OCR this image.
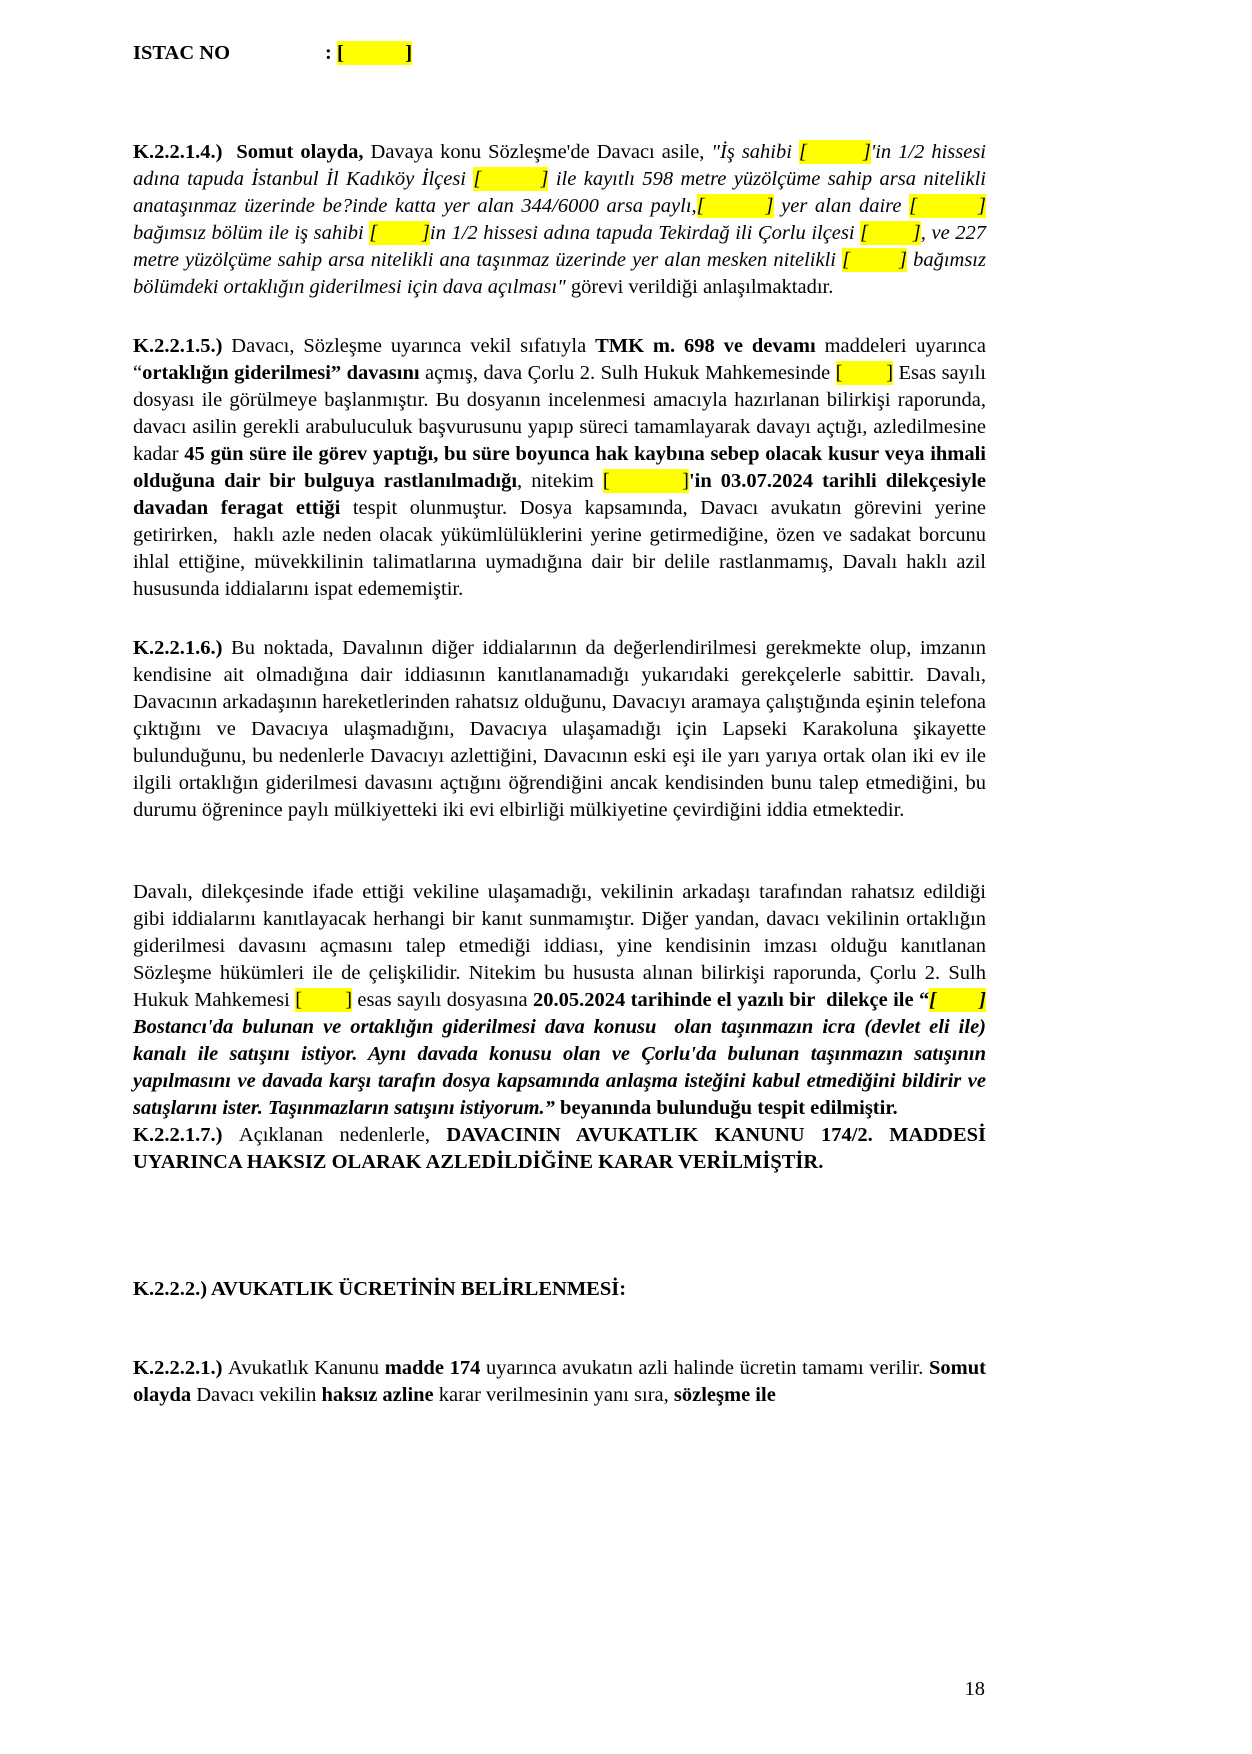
ISTAC NO	: [            ]

K.2.2.1.4.)  Somut olayda, Davaya konu Sözleşme'de Davacı asile, "İş sahibi [        ]'in 1/2 hissesi adına tapuda İstanbul İl Kadıköy İlçesi [        ] ile kayıtlı 598 metre yüzölçüme sahip arsa nitelikli anataşınmaz üzerinde be?inde katta yer alan 344/6000 arsa paylı,[        ] yer alan daire [        ] bağımsız bölüm ile iş sahibi [        ]in 1/2 hissesi adına tapuda Tekirdağ ili Çorlu ilçesi [        ], ve 227 metre yüzölçüme sahip arsa nitelikli ana taşınmaz üzerinde yer alan mesken nitelikli [        ] bağımsız bölümdeki ortaklığın giderilmesi için dava açılması" görevi verildiği anlaşılmaktadır.

K.2.2.1.5.) Davacı, Sözleşme uyarınca vekil sıfatıyla TMK m. 698 ve devamı maddeleri uyarınca “ortaklığın giderilmesi” davasını açmış, dava Çorlu 2. Sulh Hukuk Mahkemesinde [        ] Esas sayılı dosyası ile görülmeye başlanmıştır. Bu dosyanın incelenmesi amacıyla hazırlanan bilirkişi raporunda, davacı asilin gerekli arabuluculuk başvurusunu yapıp süreci tamamlayarak davayı açtığı, azledilmesine kadar 45 gün süre ile görev yaptığı, bu süre boyunca hak kaybına sebep olacak kusur veya ihmali olduğuna dair bir bulguya rastlanılmadığı, nitekim [        ]'in 03.07.2024 tarihli dilekçesiyle davadan feragat ettiği tespit olunmuştur. Dosya kapsamında, Davacı avukatın görevini yerine getirirken,  haklı azle neden olacak yükümlülüklerini yerine getirmediğine, özen ve sadakat borcunu ihlal ettiğine, müvekkilinin talimatlarına uymadığına dair bir delile rastlanmamış, Davalı haklı azil hususunda iddialarını ispat edememiştir.

K.2.2.1.6.) Bu noktada, Davalının diğer iddialarının da değerlendirilmesi gerekmekte olup, imzanın kendisine ait olmadığına dair iddiasının kanıtlanamadığı yukarıdaki gerekçelerle sabittir. Davalı, Davacının arkadaşının hareketlerinden rahatsız olduğunu, Davacıyı aramaya çalıştığında eşinin telefona çıktığını ve Davacıya ulaşmadığını, Davacıya ulaşamadığı için Lapseki Karakoluna şikayette bulunduğunu, bu nedenlerle Davacıyı azlettiğini, Davacının eski eşi ile yarı yarıya ortak olan iki ev ile ilgili ortaklığın giderilmesi davasını açtığını öğrendiğini ancak kendisinden bunu talep etmediğini, bu durumu öğrenince paylı mülkiyetteki iki evi elbirliği mülkiyetine çevirdiğini iddia etmektedir.

Davalı, dilekçesinde ifade ettiği vekiline ulaşamadığı, vekilinin arkadaşı tarafından rahatsız edildiği gibi iddialarını kanıtlayacak herhangi bir kanıt sunmamıştır. Diğer yandan, davacı vekilinin ortaklığın giderilmesi davasını açmasını talep etmediği iddiası, yine kendisinin imzası olduğu kanıtlanan Sözleşme hükümleri ile de çelişkilidir. Nitekim bu husustа alınan bilirkişi raporunda, Çorlu 2. Sulh Hukuk Mahkemesi [        ] esas sayılı dosyasına 20.05.2024 tarihinde el yazılı bir  dilekçe ile “[        ] Bostancı'da bulunan ve ortaklığın giderilmesi dava konusu  olan taşınmazın icra (devlet eli ile) kanalı ile satışını istiyor. Aynı davada konusu olan ve Çorlu'da bulunan taşınmazın satışının yapılmasını ve davada karşı tarafın dosya kapsamında anlaşma isteğini kabul etmediğini bildirir ve satışlarını ister. Taşınmazların satışını istiyorum.” beyanında bulunduğu tespit edilmiştir.

K.2.2.1.7.) Açıklanan nedenlerle, DAVACININ AVUKATLIK KANUNU 174/2. MADDESİ UYARINCA HAKSIZ OLARAK AZLEDİLDİĞİNE KARAR VERİLMİŞTİR.

K.2.2.2.) AVUKATLIK ÜCRETİNİN BELİRLENMESİ:

K.2.2.2.1.) Avukatlık Kanunu madde 174 uyarınca avukatın azli halinde ücretin tamamı verilir. Somut olayda Davacı vekilin haksız azline karar verilmesinin yanı sıra, sözleşme ile

18
